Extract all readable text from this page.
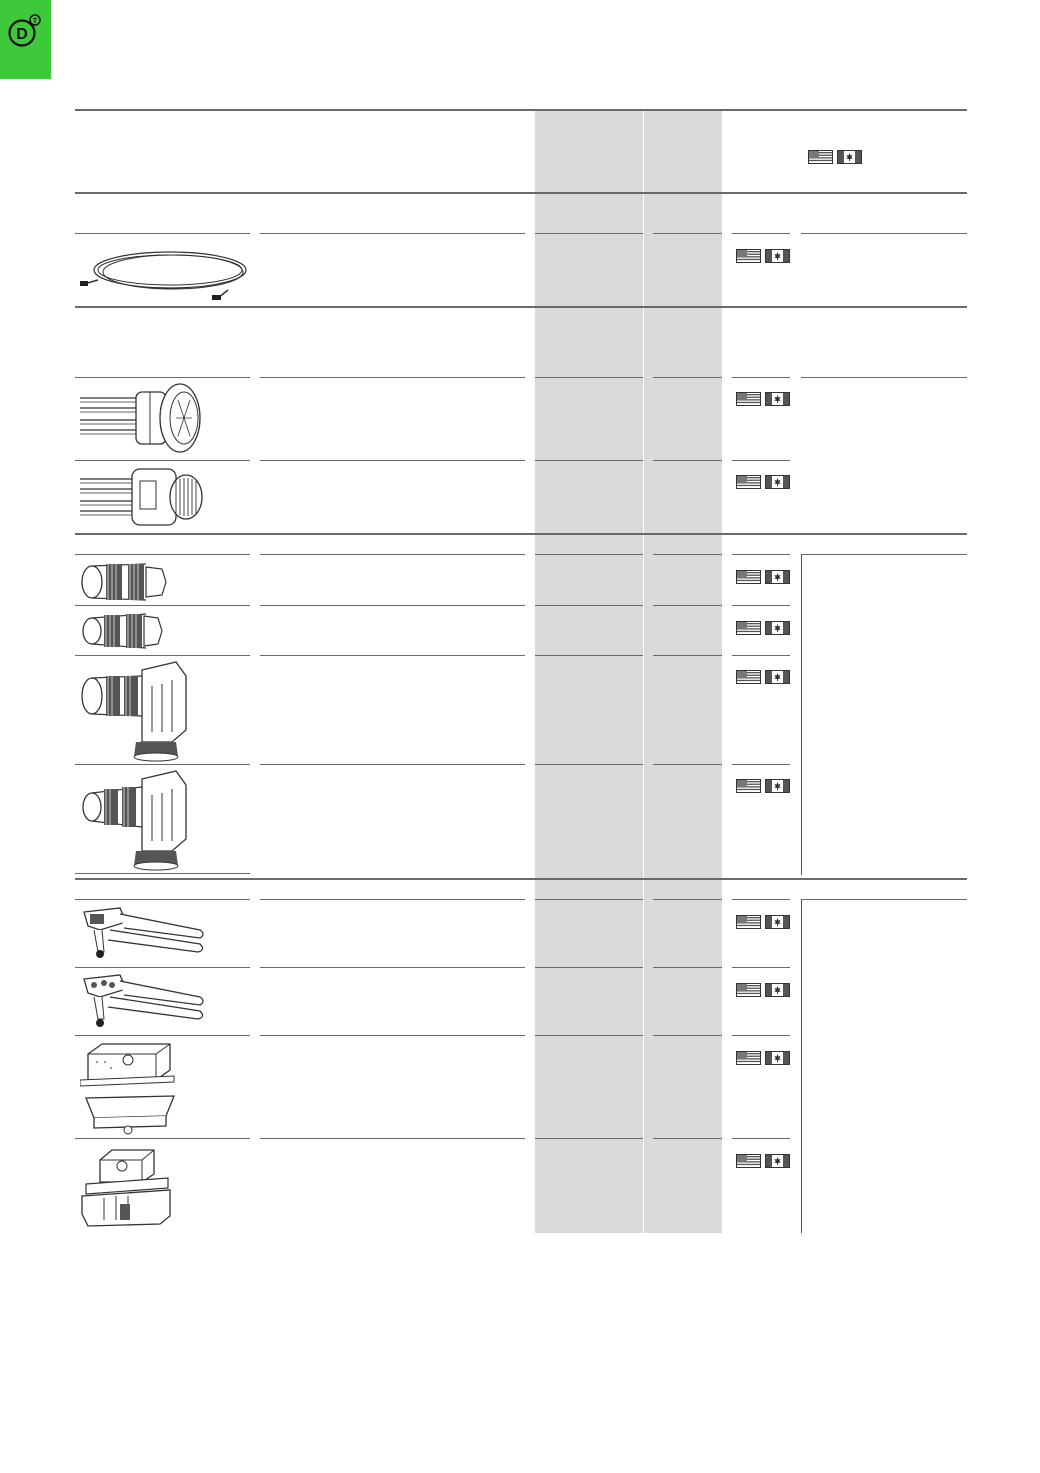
D
T
